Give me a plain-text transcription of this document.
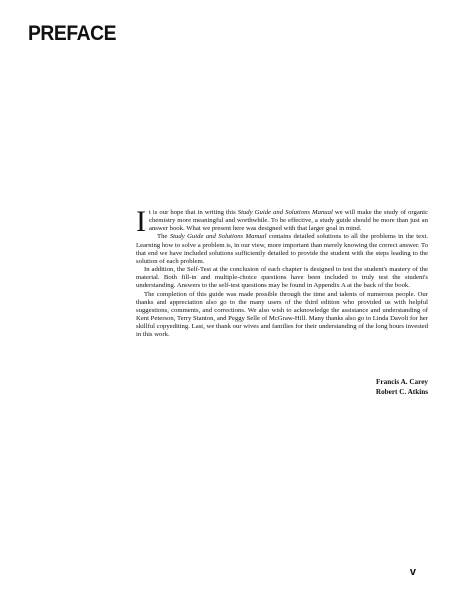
PREFACE

It is our hope that in writing this Study Guide and Solutions Manual we will make the study of organic chemistry more meaningful and worthwhile. To be effective, a study guide should be more than just an answer book. What we present here was designed with that larger goal in mind.

The Study Guide and Solutions Manual contains detailed solutions to all the problems in the text. Learning how to solve a problem is, in our view, more important than merely knowing the correct answer. To that end we have included solutions sufficiently detailed to provide the student with the steps leading to the solution of each problem.

In addition, the Self-Test at the conclusion of each chapter is designed to test the student's mastery of the material. Both fill-in and multiple-choice questions have been included to truly test the student's understanding. Answers to the self-test questions may be found in Appendix A at the back of the book.

The completion of this guide was made possible through the time and talents of numerous people. Our thanks and appreciation also go to the many users of the third edition who provided us with helpful suggestions, comments, and corrections. We also wish to acknowledge the assistance and understanding of Kent Peterson, Terry Stanton, and Peggy Selle of McGraw-Hill. Many thanks also go to Linda Davoli for her skillful copyediting. Last, we thank our wives and families for their understanding of the long hours invested in this work.

Francis A. Carey
Robert C. Atkins
v
